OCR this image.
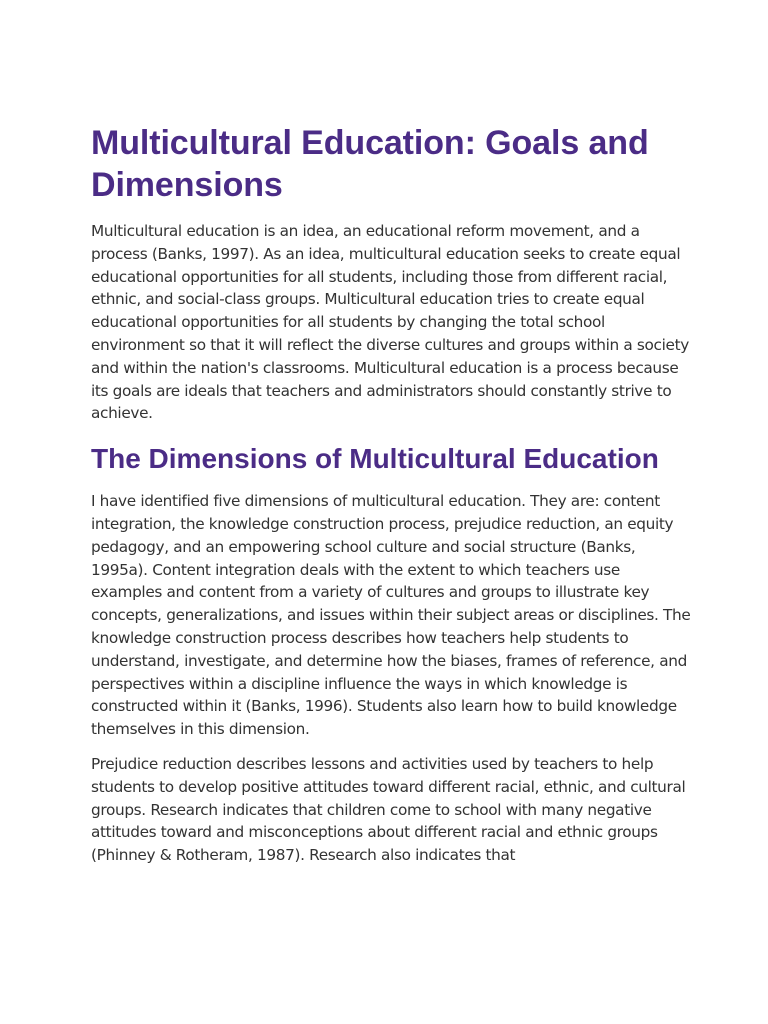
Multicultural Education: Goals and Dimensions

Multicultural education is an idea, an educational reform movement, and a process (Banks, 1997). As an idea, multicultural education seeks to create equal educational opportunities for all students, including those from different racial, ethnic, and social-class groups. Multicultural education tries to create equal educational opportunities for all students by changing the total school environment so that it will reflect the diverse cultures and groups within a society and within the nation's classrooms. Multicultural education is a process because its goals are ideals that teachers and administrators should constantly strive to achieve.

The Dimensions of Multicultural Education

I have identified five dimensions of multicultural education. They are: content integration, the knowledge construction process, prejudice reduction, an equity pedagogy, and an empowering school culture and social structure (Banks, 1995a). Content integration deals with the extent to which teachers use examples and content from a variety of cultures and groups to illustrate key concepts, generalizations, and issues within their subject areas or disciplines. The knowledge construction process describes how teachers help students to understand, investigate, and determine how the biases, frames of reference, and perspectives within a discipline influence the ways in which knowledge is constructed within it (Banks, 1996). Students also learn how to build knowledge themselves in this dimension.

Prejudice reduction describes lessons and activities used by teachers to help students to develop positive attitudes toward different racial, ethnic, and cultural groups. Research indicates that children come to school with many negative attitudes toward and misconceptions about different racial and ethnic groups (Phinney & Rotheram, 1987). Research also indicates that
